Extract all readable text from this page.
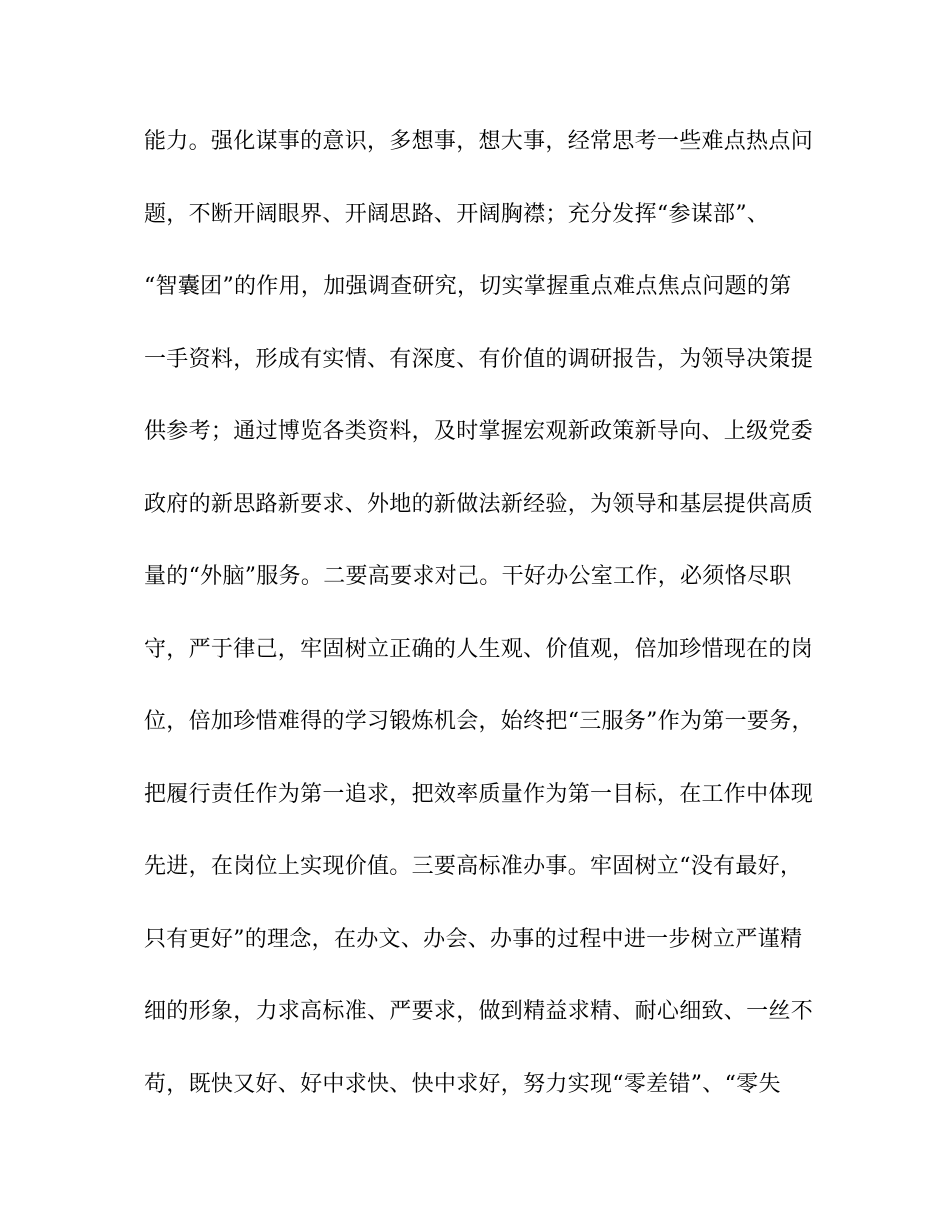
能力。强化谋事的意识，多想事，想大事，经常思考一些难点热点问
题，不断开阔眼界、开阔思路、开阔胸襟；充分发挥“参谋部”、
“智囊团”的作用，加强调查研究，切实掌握重点难点焦点问题的第
一手资料，形成有实情、有深度、有价值的调研报告，为领导决策提
供参考；通过博览各类资料，及时掌握宏观新政策新导向、上级党委
政府的新思路新要求、外地的新做法新经验，为领导和基层提供高质
量的“外脑”服务。二要高要求对己。干好办公室工作，必须恪尽职
守，严于律己，牢固树立正确的人生观、价值观，倍加珍惜现在的岗
位，倍加珍惜难得的学习锻炼机会，始终把“三服务”作为第一要务，
把履行责任作为第一追求，把效率质量作为第一目标，在工作中体现
先进，在岗位上实现价值。三要高标准办事。牢固树立“没有最好，
只有更好”的理念，在办文、办会、办事的过程中进一步树立严谨精
细的形象，力求高标准、严要求，做到精益求精、耐心细致、一丝不
苟，既快又好、好中求快、快中求好，努力实现“零差错”、“零失
